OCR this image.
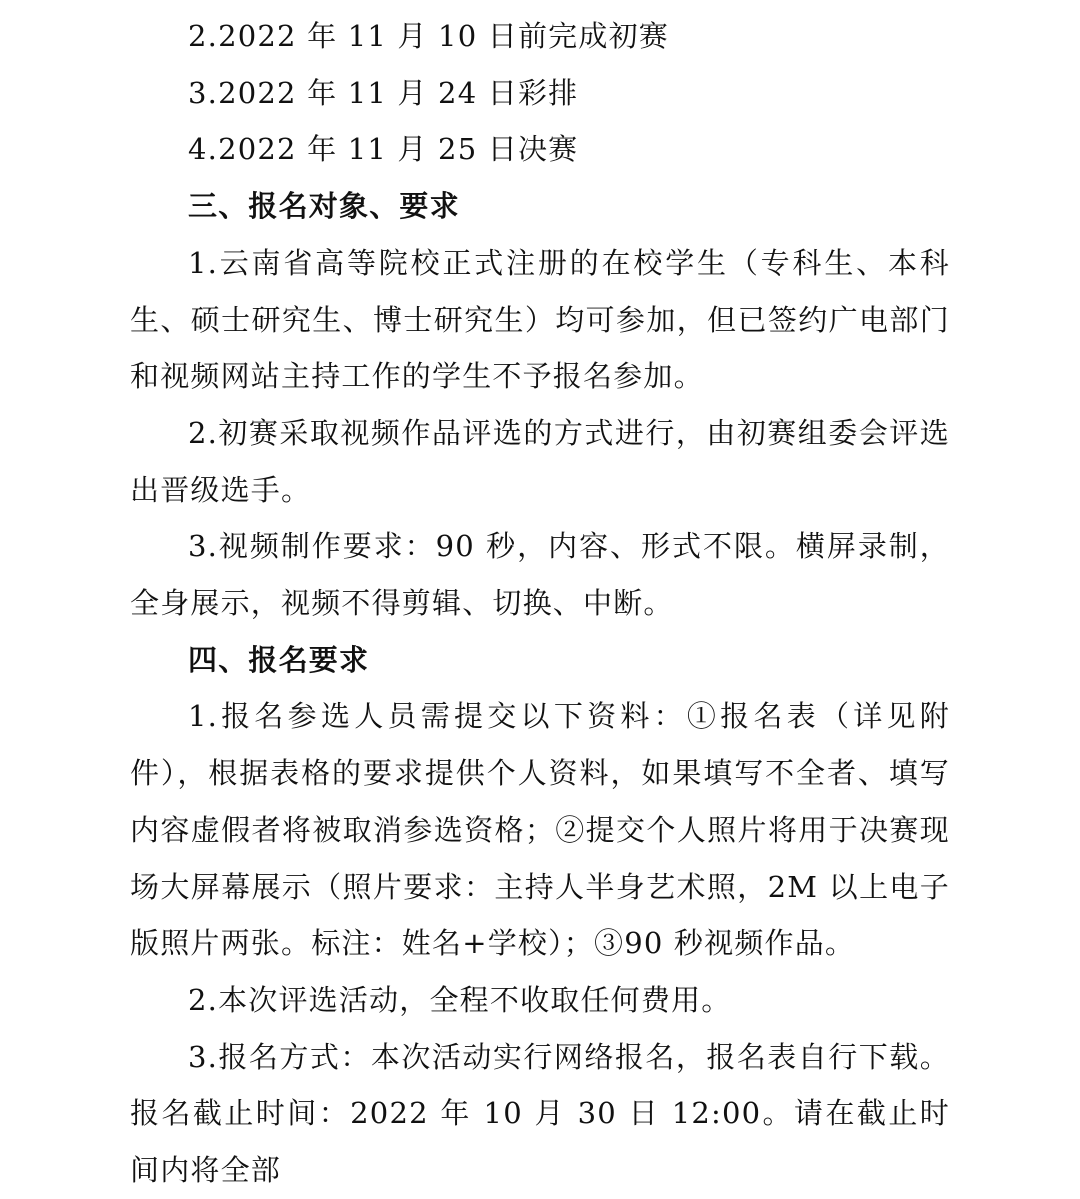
2.2022 年 11 月 10 日前完成初赛

3.2022 年 11 月 24 日彩排

4.2022 年 11 月 25 日决赛

三、报名对象、要求

1.云南省高等院校正式注册的在校学生（专科生、本科生、硕士研究生、博士研究生）均可参加，但已签约广电部门和视频网站主持工作的学生不予报名参加。

2.初赛采取视频作品评选的方式进行，由初赛组委会评选出晋级选手。

3.视频制作要求：90 秒，内容、形式不限。横屏录制，全身展示，视频不得剪辑、切换、中断。

四、报名要求

1.报名参选人员需提交以下资料：①报名表（详见附件），根据表格的要求提供个人资料，如果填写不全者、填写内容虚假者将被取消参选资格；②提交个人照片将用于决赛现场大屏幕展示（照片要求：主持人半身艺术照，2M 以上电子版照片两张。标注：姓名+学校）；③90 秒视频作品。

2.本次评选活动，全程不收取任何费用。

3.报名方式：本次活动实行网络报名，报名表自行下载。报名截止时间：2022 年 10 月 30 日 12:00。请在截止时间内将全部
